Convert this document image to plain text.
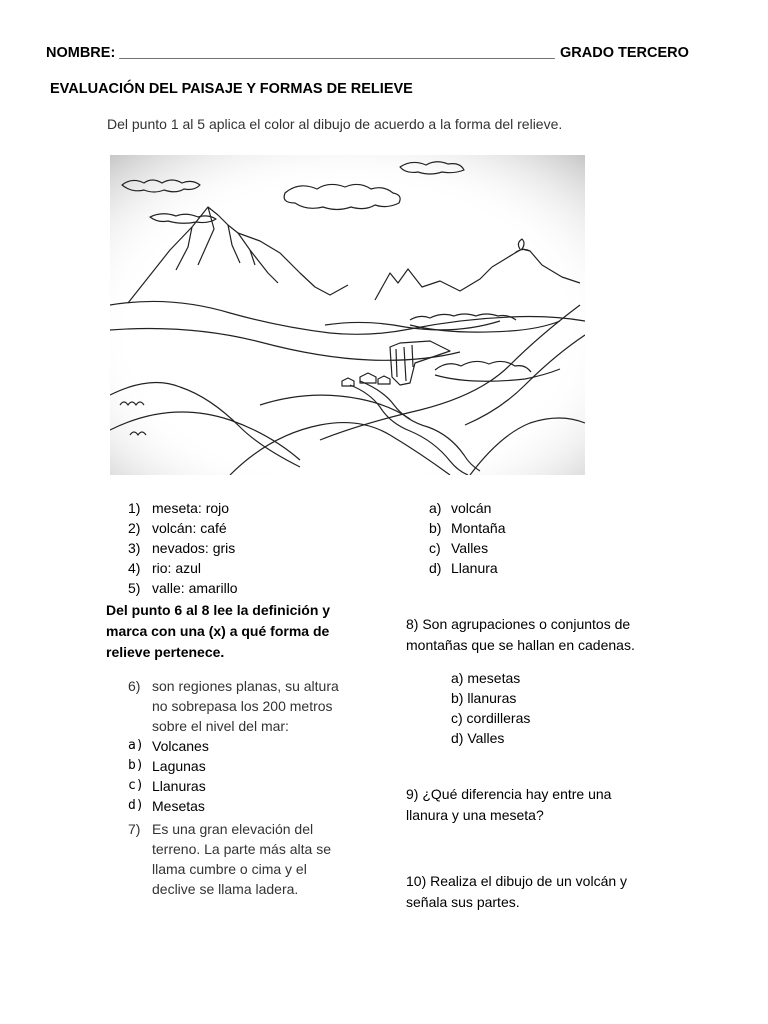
NOMBRE: ______________________________________________________ GRADO TERCERO
EVALUACIÓN DEL PAISAJE Y FORMAS DE RELIEVE
Del punto 1 al 5 aplica el color al dibujo de acuerdo a la forma del relieve.
1) meseta: rojo
2) volcán: café
3) nevados: gris
4) rio: azul
5) valle: amarillo
a) volcán
b) Montaña
c) Valles
d) Llanura
Del punto 6 al 8 lee la definición y
marca con una (x) a qué forma de
relieve pertenece.
6) son regiones planas, su altura
no sobrepasa los 200 metros
sobre el nivel del mar:
a) Volcanes
b) Lagunas
c) Llanuras
d) Mesetas
7) Es una gran elevación del
terreno. La parte más alta se
llama cumbre o cima y el
declive se llama ladera.
8) Son agrupaciones o conjuntos de
montañas que se hallan en cadenas.
a) mesetas
b) llanuras
c) cordilleras
d) Valles
9) ¿Qué diferencia hay entre una
llanura y una meseta?
10) Realiza el dibujo de un volcán y
señala sus partes.
